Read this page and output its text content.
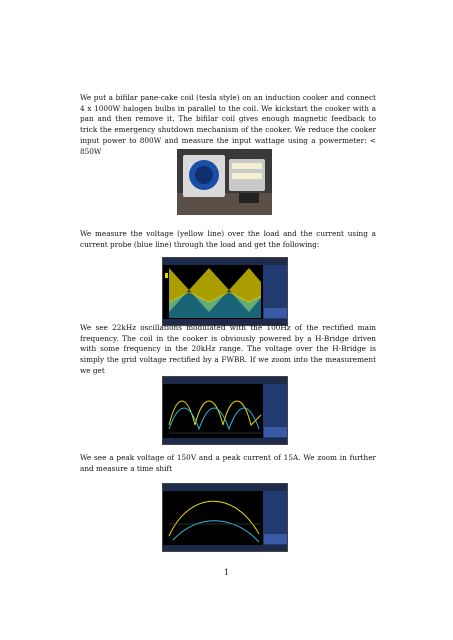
We put a bifilar pane-cake coil (tesla style) on an induction cooker and connect 4 x 1000W halogen bulbs in parallel to the coil. We kickstart the cooker with a pan and then remove it. The bifilar coil gives enough magnetic feedback to trick the emergency shutdown mechanism of the cooker. We reduce the cooker input power to 800W and measure the input wattage using a powermeter: < 850W

We measure the voltage (yellow line) over the load and the current using a current probe (blue line) through the load and get the following:

We see 22kHz oscillations modulated with the 100Hz of the rectified main frequency. The coil in the cooker is obviously powered by a H-Bridge driven with some frequency in the 20kHz range. The voltage over the H-Bridge is simply the grid voltage rectified by a FWBR. If we zoom into the measurement we get

We see a peak voltage of 150V and a peak current of 15A. We zoom in further and measure a time shift

1
